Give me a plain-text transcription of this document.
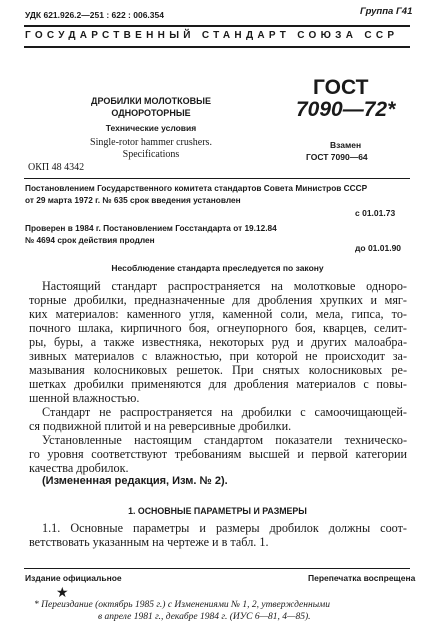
УДК 621.926.2—251 : 622 : 006.354	Группа Г41
ГОСУДАРСТВЕННЫЙ СТАНДАРТ СОЮЗА ССР
ДРОБИЛКИ МОЛОТКОВЫЕ
ОДНОРОТОРНЫЕ
Технические условия
Single-rotor hammer crushers.
Specifications
ГОСТ
7090—72*
Взамен
ГОСТ 7090—64
ОКП 48 4342
Постановлением Государственного комитета стандартов Совета Министров СССР
от 29 марта 1972 г. № 635 срок введения установлен
с 01.01.73
Проверен в 1984 г. Постановлением Госстандарта от 19.12.84
№ 4694 срок действия продлен
до 01.01.90
Несоблюдение стандарта преследуется по закону
Настоящий стандарт распространяется на молотковые одноро-
торные дробилки, предназначенные для дробления хрупких и мяг-
ких материалов: каменного угля, каменной соли, мела, гипса, то-
почного шлака, кирпичного боя, огнеупорного боя, кварцев, селит-
ры, буры, а также известняка, некоторых руд и других малоабра-
зивных материалов с влажностью, при которой не происходит за-
мазывания колосниковых решеток. При снятых колосниковых ре-
шетках дробилки применяются для дробления материалов с повы-
шенной влажностью.
Стандарт не распространяется на дробилки с самоочищающей-
ся подвижной плитой и на реверсивные дробилки.
Установленные настоящим стандартом показатели техническо-
го уровня соответствуют требованиям высшей и первой категории
качества дробилок.
(Измененная редакция, Изм. № 2).
1. ОСНОВНЫЕ ПАРАМЕТРЫ И РАЗМЕРЫ
1.1. Основные параметры и размеры дробилок должны соот-
ветствовать указанным на чертеже и в табл. 1.
Издание официальное	Перепечатка воспрещена
★
* Переиздание (октябрь 1985 г.) с Изменениями № 1, 2, утвержденными
в апреле 1981 г., декабре 1984 г. (ИУС 6—81, 4—85).
